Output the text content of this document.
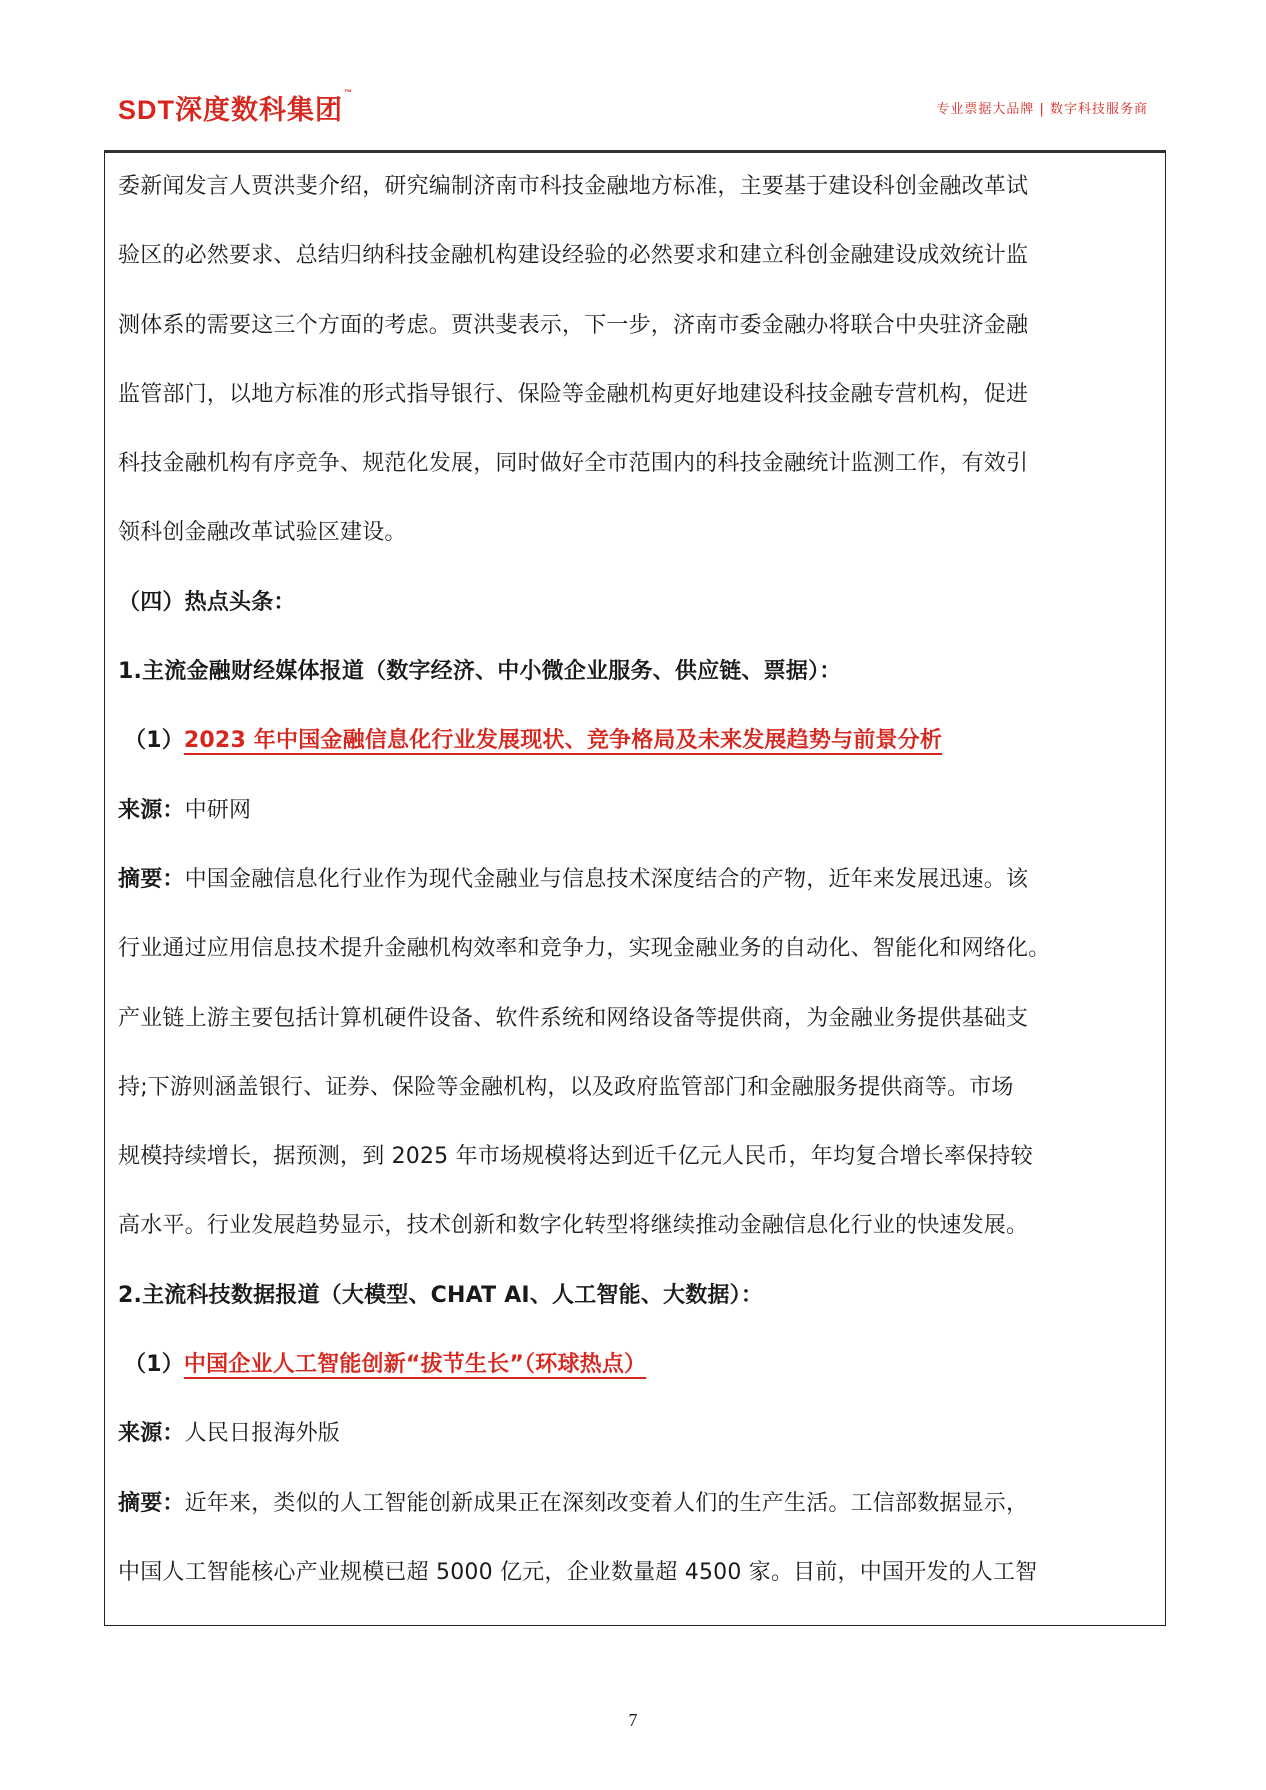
SDT深度数科集团™
专业票据大品牌 | 数字科技服务商
委新闻发言人贾洪斐介绍，研究编制济南市科技金融地方标准，主要基于建设科创金融改革试
验区的必然要求、总结归纳科技金融机构建设经验的必然要求和建立科创金融建设成效统计监
测体系的需要这三个方面的考虑。贾洪斐表示，下一步，济南市委金融办将联合中央驻济金融
监管部门，以地方标准的形式指导银行、保险等金融机构更好地建设科技金融专营机构，促进
科技金融机构有序竞争、规范化发展，同时做好全市范围内的科技金融统计监测工作，有效引
领科创金融改革试验区建设。
（四）热点头条：
1.主流金融财经媒体报道（数字经济、中小微企业服务、供应链、票据）：
（1）2023 年中国金融信息化行业发展现状、竞争格局及未来发展趋势与前景分析
来源：中研网
摘要：中国金融信息化行业作为现代金融业与信息技术深度结合的产物，近年来发展迅速。该
行业通过应用信息技术提升金融机构效率和竞争力，实现金融业务的自动化、智能化和网络化。
产业链上游主要包括计算机硬件设备、软件系统和网络设备等提供商，为金融业务提供基础支
持;下游则涵盖银行、证券、保险等金融机构，以及政府监管部门和金融服务提供商等。市场
规模持续增长，据预测，到 2025 年市场规模将达到近千亿元人民币，年均复合增长率保持较
高水平。行业发展趋势显示，技术创新和数字化转型将继续推动金融信息化行业的快速发展。
2.主流科技数据报道（大模型、CHAT AI、人工智能、大数据）：
（1）中国企业人工智能创新“拔节生长”（环球热点）
来源：人民日报海外版
摘要：近年来，类似的人工智能创新成果正在深刻改变着人们的生产生活。工信部数据显示，
中国人工智能核心产业规模已超 5000 亿元，企业数量超 4500 家。目前，中国开发的人工智
7
